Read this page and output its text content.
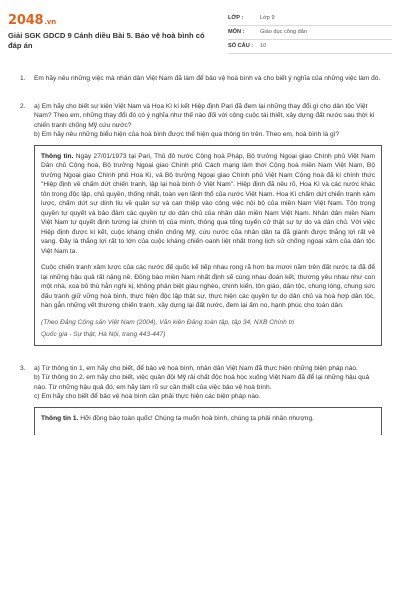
2048.vn
Giải SGK GDCD 9 Cánh diều Bài 5. Bảo vệ hoà bình có đáp án
LỚP :	Lớp 9
MÔN :	Giáo dục công dân
SỐ CÂU :	10
1. Em hãy nêu những việc mà nhân dân Việt Nam đã làm để bảo vệ hoà bình và cho biết ý nghĩa của những việc làm đó.

2. a) Em hãy cho biết sự kiện Việt Nam và Hoa Kì kí kết Hiệp định Pari đã đem lại những thay đổi gì cho dân tộc Việt Nam? Theo em, những thay đổi đó có ý nghĩa như thế nào đối với công cuộc tái thiết, xây dựng đất nước sau thời kì chiến tranh chống Mỹ cứu nước?

b) Em hãy nêu những biểu hiện của hoà bình được thể hiện qua thông tin trên. Theo em, hoà bình là gì?

Thông tin. Ngày 27/01/1973 tại Pari, Thủ đô nước Cộng hoà Pháp, Bộ trưởng Ngoại giao Chính phủ Việt Nam Dân chủ Cộng hoà, Bộ trưởng Ngoại giao Chính phủ Cách mạng lâm thời Cộng hoà miền Nam Việt Nam, Bộ trưởng Ngoại giao Chính phủ Hoa Kì, và Bộ trưởng Ngoại giao Chính phủ Việt Nam Cộng hoà đã kí chính thức "Hiệp định về chấm dứt chiến tranh, lập lại hoà bình ở Việt Nam". Hiệp định đã nêu rõ, Hoa Kì và các nước khác tôn trọng độc lập, chủ quyền, thống nhất, toàn vẹn lãnh thổ của nước Việt Nam. Hoa Kì chấm dứt chiến tranh xâm lược, chấm dứt sự dính líu về quân sự và can thiệp vào công việc nội bộ của miền Nam Việt Nam. Tôn trọng quyền tự quyết và bảo đảm các quyền tự do dân chủ của nhân dân miền Nam Việt Nam. Nhân dân miền Nam Việt Nam tự quyết định tương lai chính trị của mình, thông qua tổng tuyển cử thật sự tự do và dân chủ. Với việc Hiệp định được kí kết, cuộc kháng chiến chống Mỹ, cứu nước của nhân dân ta đã giành được thắng lợi rất vẻ vang. Đây là thắng lợi rất to lớn của cuộc kháng chiến oanh liệt nhất trong lịch sử chống ngoại xâm của dân tộc Việt Nam ta.

Cuộc chiến tranh xâm lược của các nước đế quốc kế tiếp nhau rong rã hơn ba mươi năm trên đất nước ta đã để lại những hậu quả rất nặng nề. Đồng bào miền Nam nhất định sẽ cùng nhau đoàn kết, thương yêu nhau như con một nhà, xoá bỏ thù hằn nghi kị, không phân biệt giàu nghèo, chính kiến, tôn giáo, dân tộc, chung lòng, chung sức đấu tranh giữ vững hoà bình, thực hiện độc lập thật sự, thực hiện các quyền tự do dân chủ và hoà hợp dân tộc, hàn gắn những vết thương chiến tranh, xây dựng lại đất nước, đem lại ấm no, hạnh phúc cho toàn dân.

(Theo Đảng Cộng sản Việt Nam (2004), Văn kiện Đảng toàn tập, tập 34, NXB Chính trị

Quốc gia - Sự thật, Hà Nội, trang 443-447)

3. a) Từ thông tin 1, em hãy cho biết, để bảo vệ hoà bình, nhân dân Việt Nam đã thực hiện những biện pháp nào.

b) Từ thông tin 2, em hãy cho biết, việc quân đội Mỹ rải chất độc hoá học xuống Việt Nam đã để lại những hậu quả nào. Từ những hậu quả đó, em hãy làm rõ sự cần thiết của việc bảo vệ hoà bình.

c) Em hãy cho biết để bảo vệ hoà bình cần phải thực hiện các biện pháp nào.

Thông tin 1. Hỡi đồng bào toàn quốc! Chúng ta muốn hoà bình, chúng ta phải nhân nhượng.
